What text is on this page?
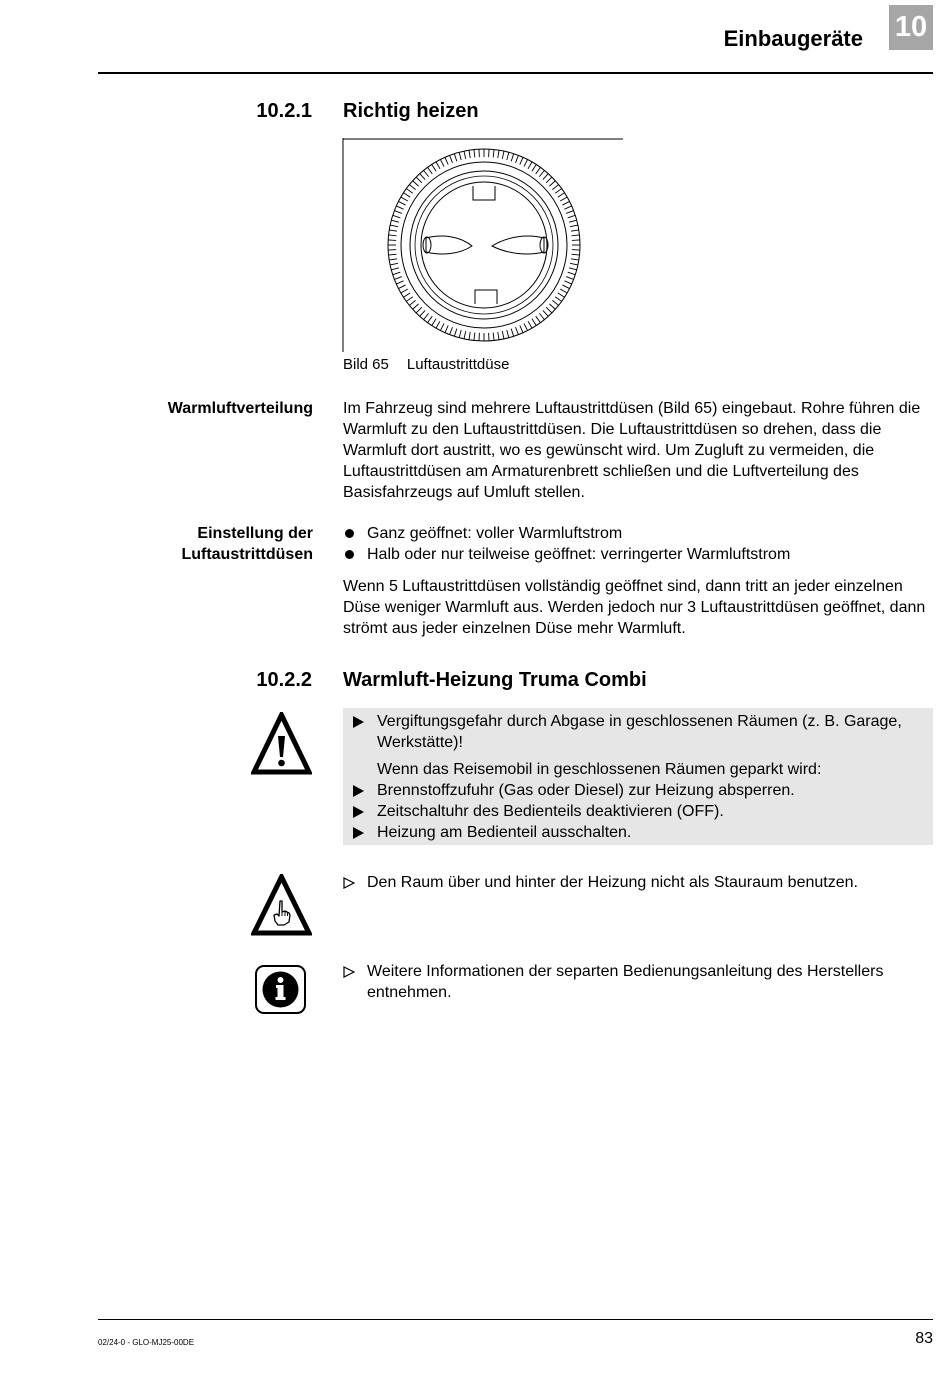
Einbaugeräte 10
10.2.1 Richtig heizen
Bild 65 Luftaustrittdüse
Warmluftverteilung Im Fahrzeug sind mehrere Luftaustrittdüsen (Bild 65) eingebaut. Rohre führen die Warmluft zu den Luftaustrittdüsen. Die Luftaustrittdüsen so drehen, dass die Warmluft dort austritt, wo es gewünscht wird. Um Zugluft zu vermeiden, die Luftaustrittdüsen am Armaturenbrett schließen und die Luftverteilung des Basisfahrzeugs auf Umluft stellen.
Einstellung der
Luftaustrittdüsen
Ganz geöffnet: voller Warmluftstrom
Halb oder nur teilweise geöffnet: verringerter Warmluftstrom
Wenn 5 Luftaustrittdüsen vollständig geöffnet sind, dann tritt an jeder einzelnen Düse weniger Warmluft aus. Werden jedoch nur 3 Luftaustrittdüsen geöffnet, dann strömt aus jeder einzelnen Düse mehr Warmluft.
10.2.2 Warmluft-Heizung Truma Combi
Vergiftungsgefahr durch Abgase in geschlossenen Räumen (z. B. Garage, Werkstätte)!
Wenn das Reisemobil in geschlossenen Räumen geparkt wird:
Brennstoffzufuhr (Gas oder Diesel) zur Heizung absperren.
Zeitschaltuhr des Bedienteils deaktivieren (OFF).
Heizung am Bedienteil ausschalten.
Den Raum über und hinter der Heizung nicht als Stauraum benutzen.
Weitere Informationen der separten Bedienungsanleitung des Herstellers entnehmen.
02/24-0 - GLO-MJ25-00DE	83
